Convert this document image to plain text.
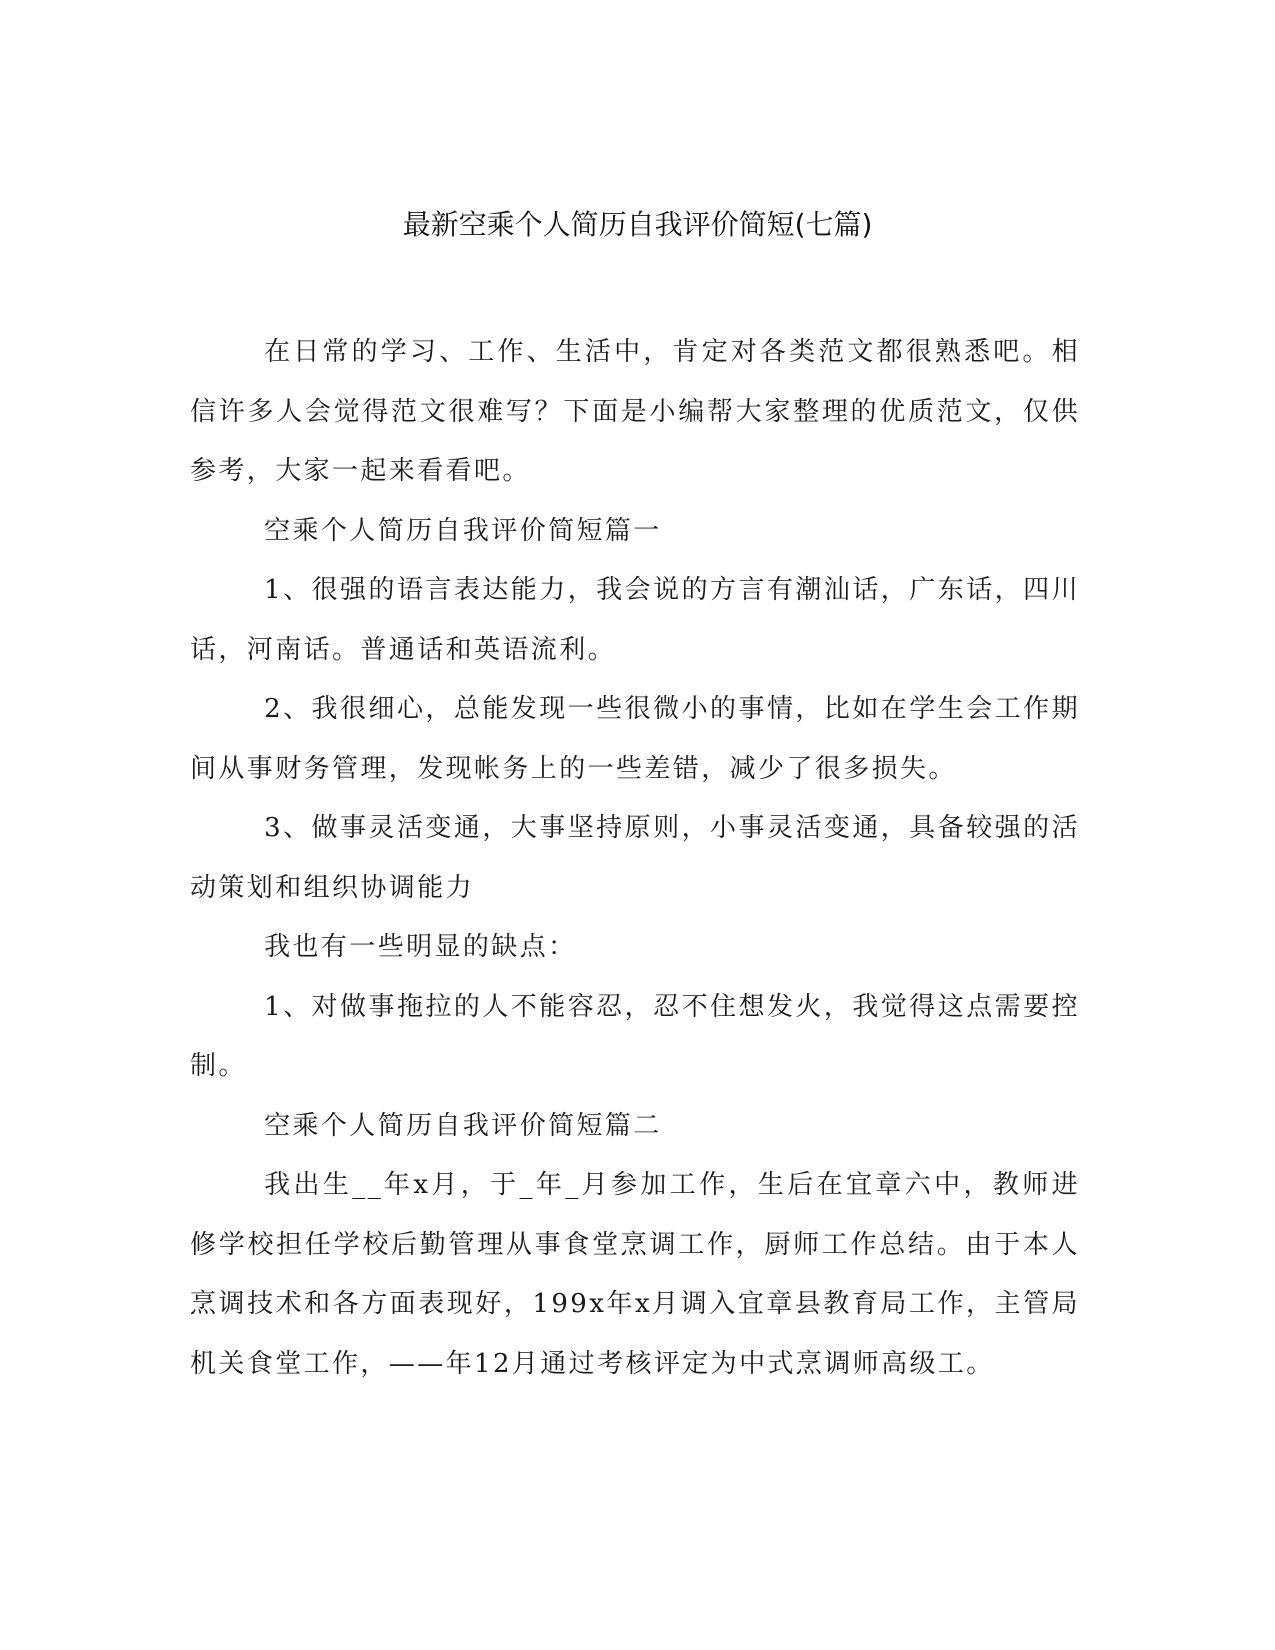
最新空乘个人简历自我评价简短(七篇)

在日常的学习、工作、生活中，肯定对各类范文都很熟悉吧。相信许多人会觉得范文很难写？下面是小编帮大家整理的优质范文，仅供参考，大家一起来看看吧。

空乘个人简历自我评价简短篇一

1、很强的语言表达能力，我会说的方言有潮汕话，广东话，四川话，河南话。普通话和英语流利。

2、我很细心，总能发现一些很微小的事情，比如在学生会工作期间从事财务管理，发现帐务上的一些差错，减少了很多损失。

3、做事灵活变通，大事坚持原则，小事灵活变通，具备较强的活动策划和组织协调能力

我也有一些明显的缺点：

1、对做事拖拉的人不能容忍，忍不住想发火，我觉得这点需要控制。

空乘个人简历自我评价简短篇二

我出生__年x月，于_年_月参加工作，生后在宜章六中，教师进修学校担任学校后勤管理从事食堂烹调工作，厨师工作总结。由于本人烹调技术和各方面表现好，199x年x月调入宜章县教育局工作，主管局机关食堂工作，——年12月通过考核评定为中式烹调师高级工。
